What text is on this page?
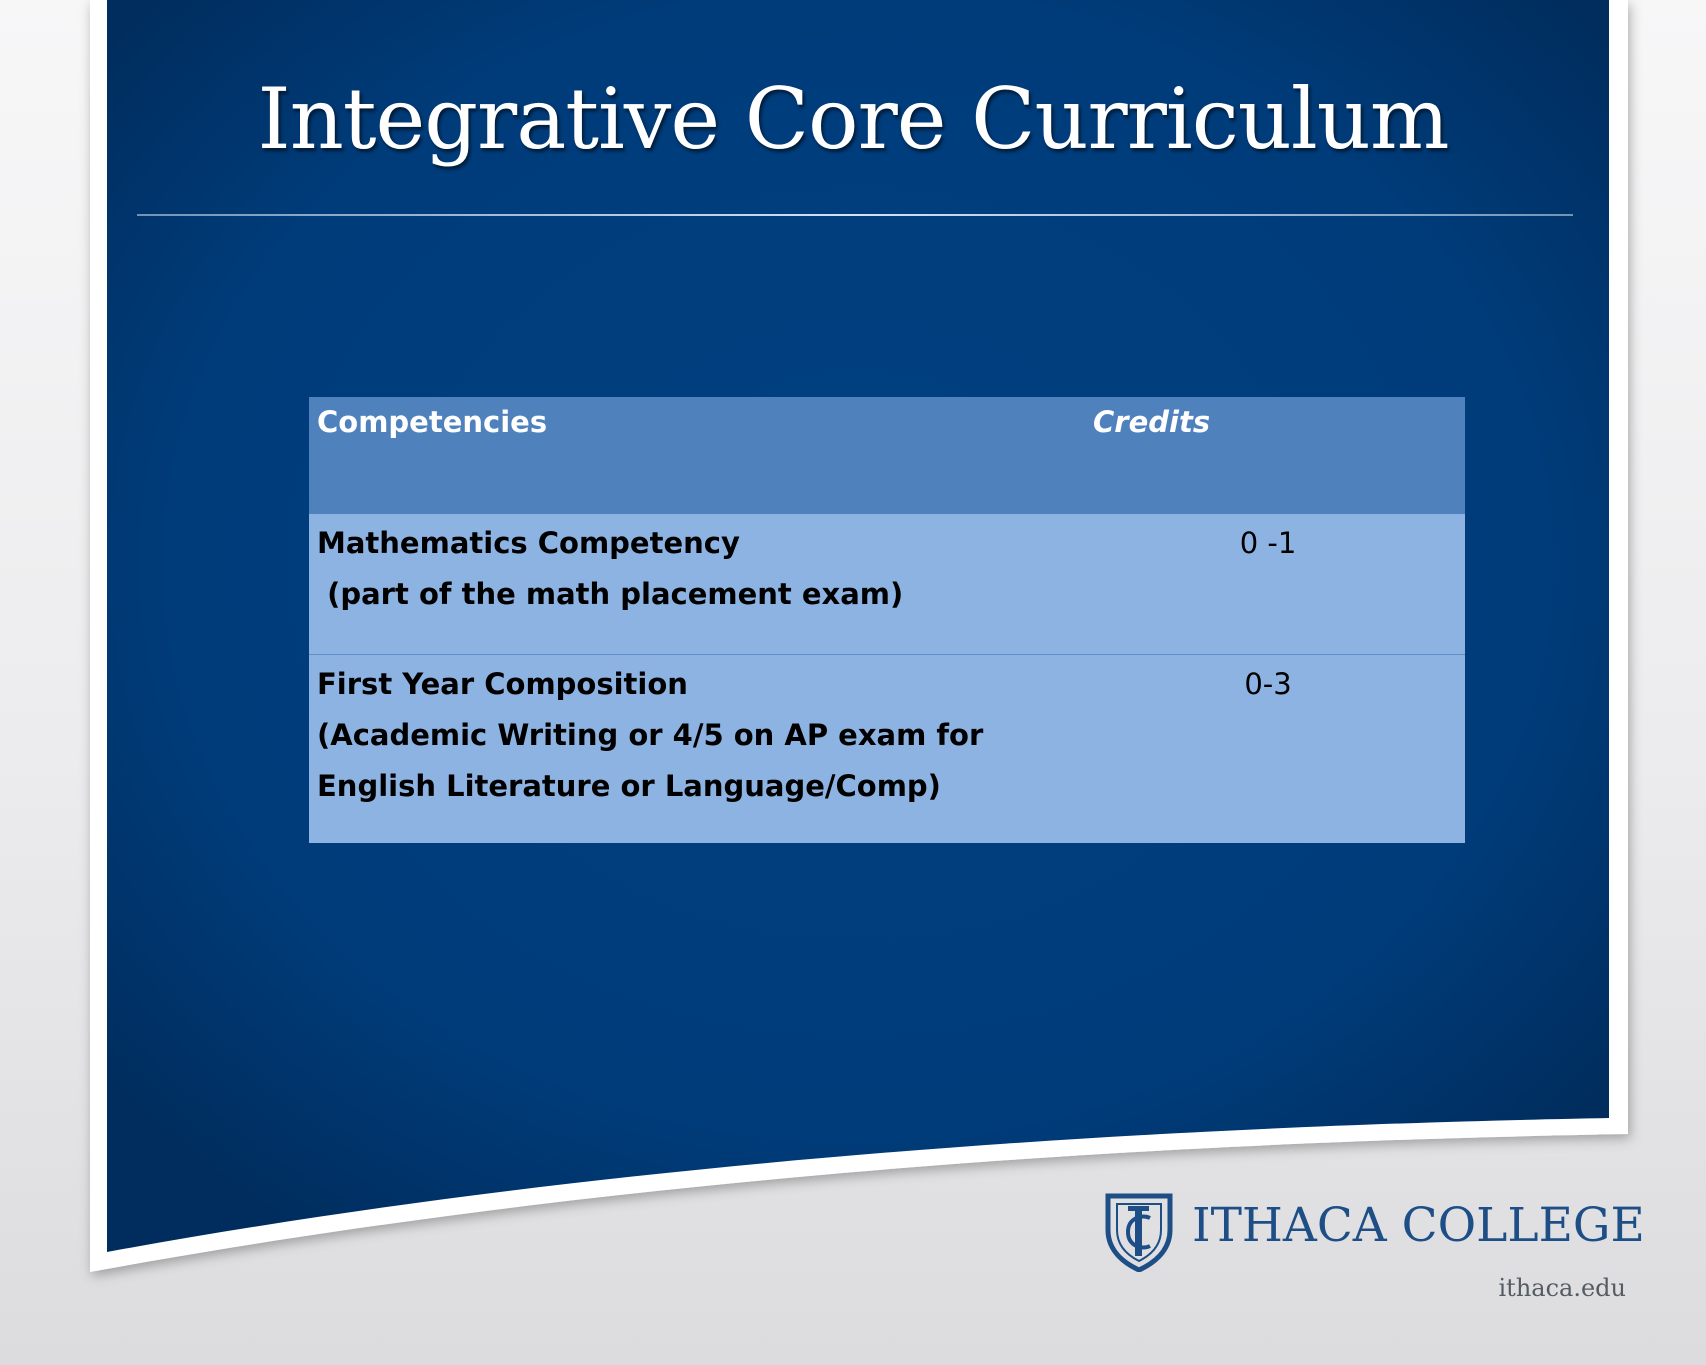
Integrative Core Curriculum
Competencies	Credits

Mathematics Competency
(part of the math placement exam)	0 -1

First Year Composition
(Academic Writing or 4/5 on AP exam for
English Literature or Language/Comp)	0-3
ITHACA COLLEGE
ithaca.edu
